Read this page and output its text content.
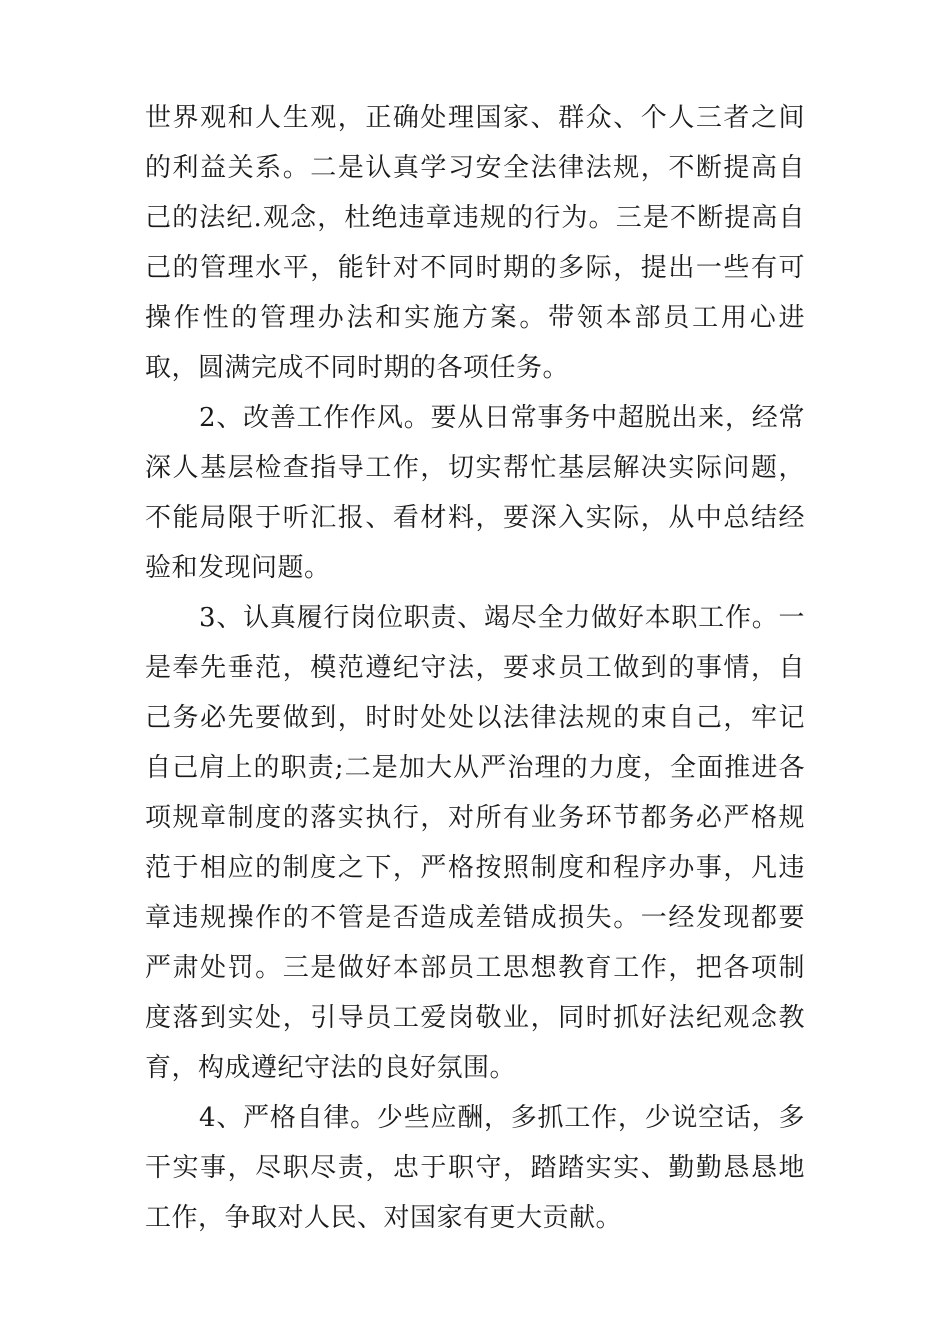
世界观和人生观，正确处理国家、群众、个人三者之间的利益关系。二是认真学习安全法律法规，不断提高自己的法纪.观念，杜绝违章违规的行为。三是不断提高自己的管理水平，能针对不同时期的多际，提出一些有可操作性的管理办法和实施方案。带领本部员工用心进取，圆满完成不同时期的各项任务。

2、改善工作作风。要从日常事务中超脱出来，经常深人基层检查指导工作，切实帮忙基层解决实际问题，不能局限于听汇报、看材料，要深入实际，从中总结经验和发现问题。

3、认真履行岗位职责、竭尽全力做好本职工作。一是奉先垂范，模范遵纪守法，要求员工做到的事情，自己务必先要做到，时时处处以法律法规的束自己，牢记自己肩上的职责;二是加大从严治理的力度，全面推进各项规章制度的落实执行，对所有业务环节都务必严格规范于相应的制度之下，严格按照制度和程序办事，凡违章违规操作的不管是否造成差错成损失。一经发现都要严肃处罚。三是做好本部员工思想教育工作，把各项制度落到实处，引导员工爱岗敬业，同时抓好法纪观念教育，构成遵纪守法的良好氛围。

4、严格自律。少些应酬，多抓工作，少说空话，多干实事，尽职尽责，忠于职守，踏踏实实、勤勤恳恳地工作，争取对人民、对国家有更大贡献。
